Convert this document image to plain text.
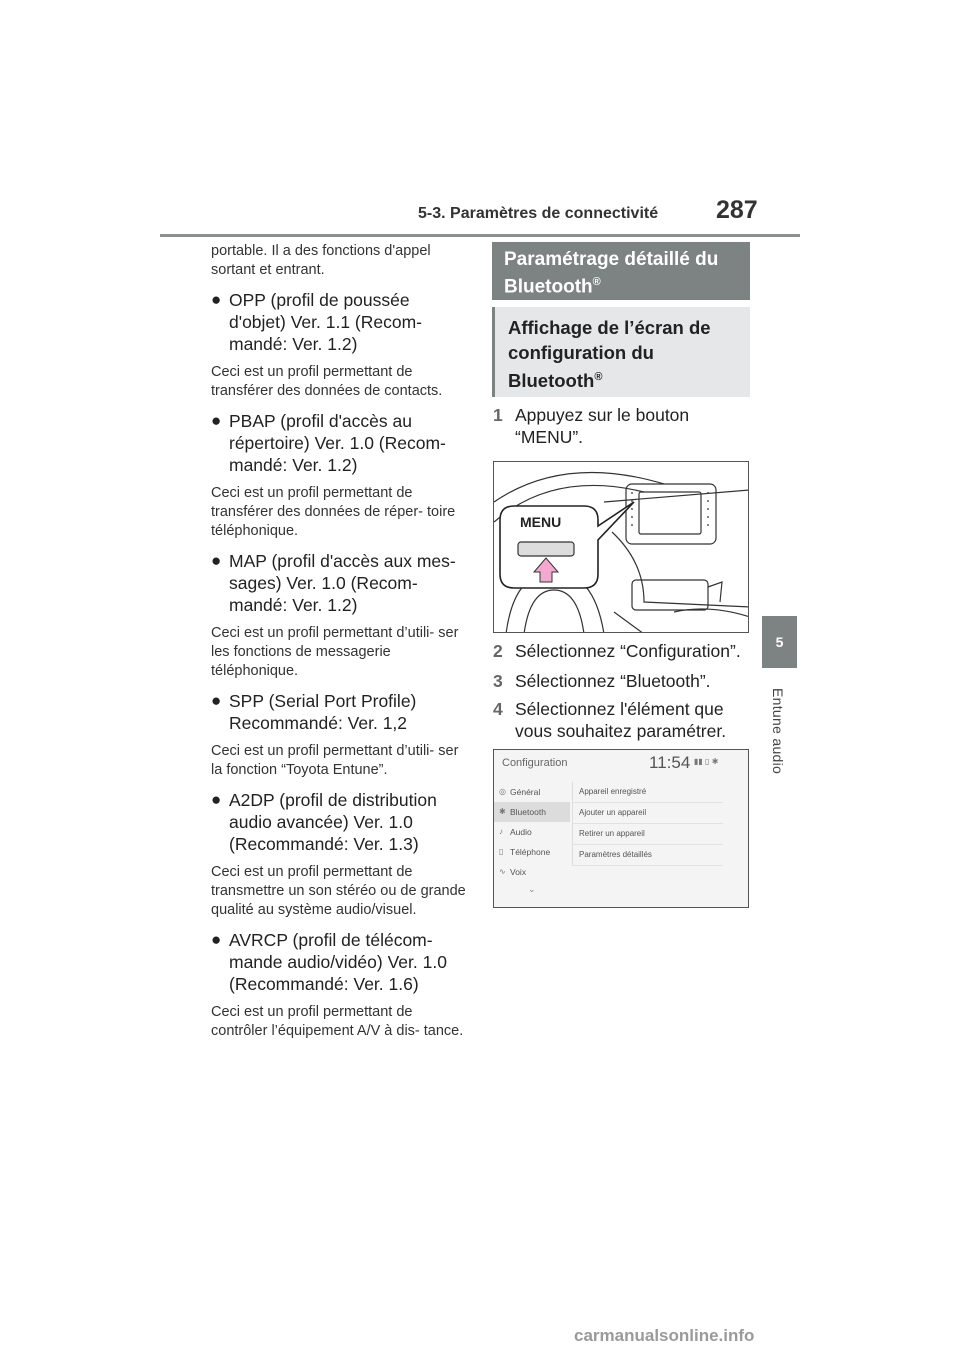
5-3. Paramètres de connectivité 287
5
Entune audio

portable. Il a des fonctions d'appel sortant et entrant.

● OPP (profil de poussée d'objet) Ver. 1.1 (Recom- mandé: Ver. 1.2)

Ceci est un profil permettant de transférer des données de contacts.

● PBAP (profil d'accès au répertoire) Ver. 1.0 (Recom- mandé: Ver. 1.2)

Ceci est un profil permettant de transférer des données de réper- toire téléphonique.

● MAP (profil d'accès aux mes- sages) Ver. 1.0 (Recom- mandé: Ver. 1.2)

Ceci est un profil permettant d’utili- ser les fonctions de messagerie téléphonique.

● SPP (Serial Port Profile) Recommandé: Ver. 1,2

Ceci est un profil permettant d’utili- ser la fonction “Toyota Entune”.

● A2DP (profil de distribution audio avancée) Ver. 1.0 (Recommandé: Ver. 1.3)

Ceci est un profil permettant de transmettre un son stéréo ou de grande qualité au système audio/visuel.

● AVRCP (profil de télécom- mande audio/vidéo) Ver. 1.0 (Recommandé: Ver. 1.6)

Ceci est un profil permettant de contrôler l’équipement A/V à dis- tance.

Paramétrage détaillé du Bluetooth®
Affichage de l’écran de configuration du Bluetooth®
1 Appuyez sur le bouton “MENU”.
MENU
2 Sélectionnez “Configuration”.
3 Sélectionnez “Bluetooth”.
4 Sélectionnez l'élément que vous souhaitez paramétrer.
Configuration	11:54 ▮▮ ▯ ✱
◎ Général
✱ Bluetooth
♪ Audio
▯ Téléphone
∿ Voix
Appareil enregistré
Ajouter un appareil
Retirer un appareil
Paramètres détaillés
⌄
carmanualsonline.info
